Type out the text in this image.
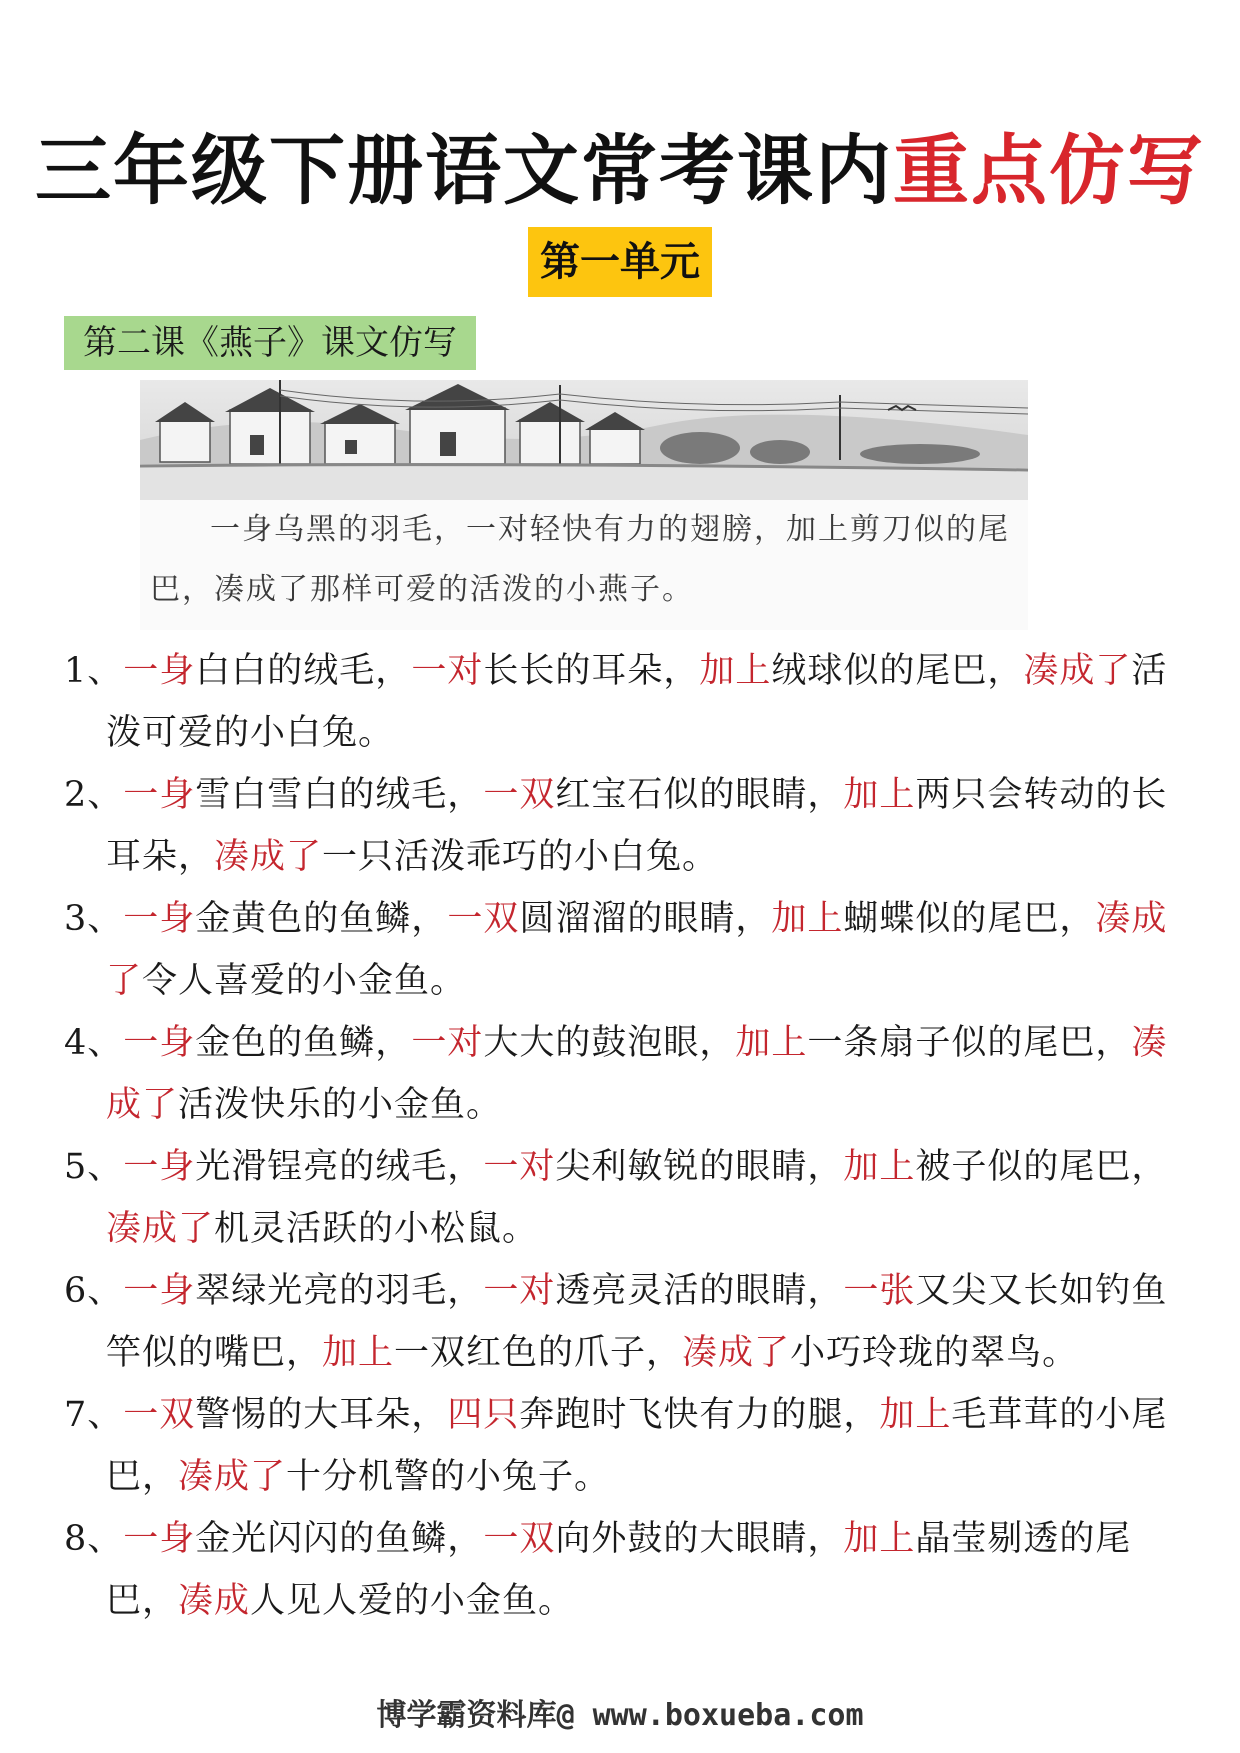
三年级下册语文常考课内重点仿写
第一单元
第二课《燕子》课文仿写
一身乌黑的羽毛，一对轻快有力的翅膀，加上剪刀似的尾巴，凑成了那样可爱的活泼的小燕子。
1、一身白白的绒毛，一对长长的耳朵，加上绒球似的尾巴，凑成了活泼可爱的小白兔。
2、一身雪白雪白的绒毛，一双红宝石似的眼睛，加上两只会转动的长耳朵，凑成了一只活泼乖巧的小白兔。
3、一身金黄色的鱼鳞，一双圆溜溜的眼睛，加上蝴蝶似的尾巴，凑成了令人喜爱的小金鱼。
4、一身金色的鱼鳞，一对大大的鼓泡眼，加上一条扇子似的尾巴，凑成了活泼快乐的小金鱼。
5、一身光滑锃亮的绒毛，一对尖利敏锐的眼睛，加上被子似的尾巴，凑成了机灵活跃的小松鼠。
6、一身翠绿光亮的羽毛，一对透亮灵活的眼睛，一张又尖又长如钓鱼竿似的嘴巴，加上一双红色的爪子，凑成了小巧玲珑的翠鸟。
7、一双警惕的大耳朵，四只奔跑时飞快有力的腿，加上毛茸茸的小尾巴，凑成了十分机警的小兔子。
8、一身金光闪闪的鱼鳞，一双向外鼓的大眼睛，加上晶莹剔透的尾巴，凑成人见人爱的小金鱼。
博学霸资料库@ www.boxueba.com
